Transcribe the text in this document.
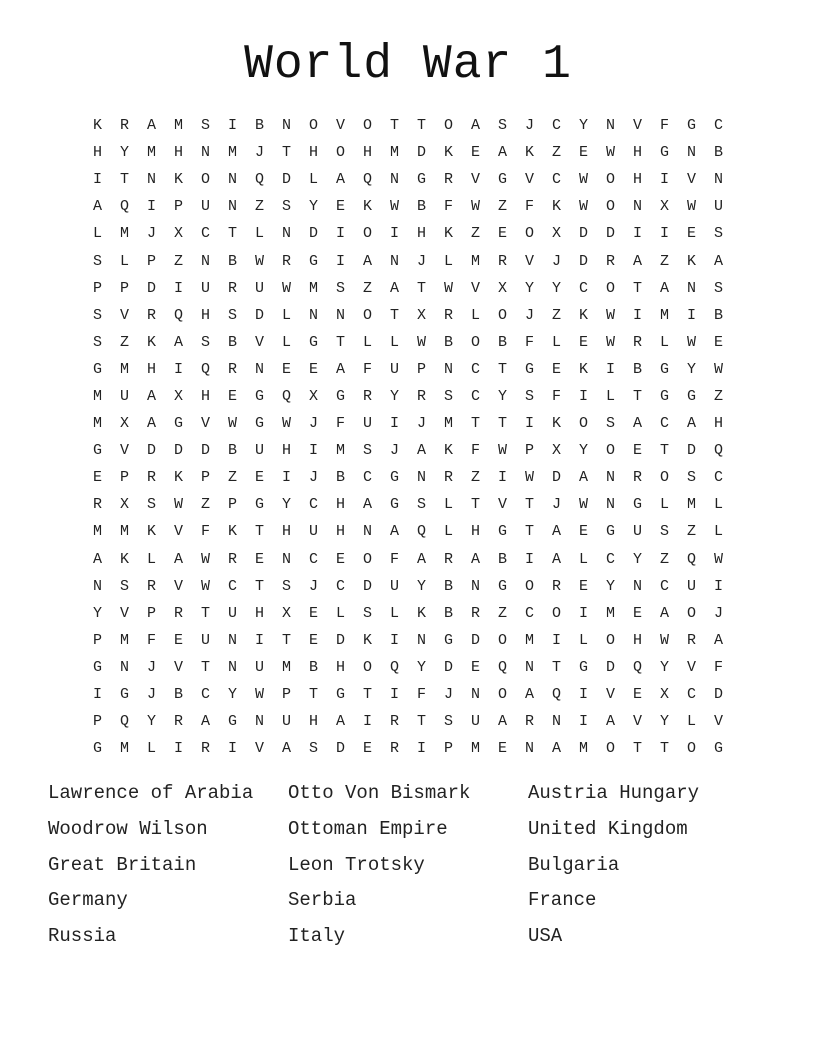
World War 1
K	R	A	M	S	I	B	N	O	V	O	T	T	O	A	S	J	C	Y	N	V	F	G	C
H	Y	M	H	N	M	J	T	H	O	H	M	D	K	E	A	K	Z	E	W	H	G	N	B
I	T	N	K	O	N	Q	D	L	A	Q	N	G	R	V	G	V	C	W	O	H	I	V	N
A	Q	I	P	U	N	Z	S	Y	E	K	W	B	F	W	Z	F	K	W	O	N	X	W	U
L	M	J	X	C	T	L	N	D	I	O	I	H	K	Z	E	O	X	D	D	I	I	E	S
S	L	P	Z	N	B	W	R	G	I	A	N	J	L	M	R	V	J	D	R	A	Z	K	A
P	P	D	I	U	R	U	W	M	S	Z	A	T	W	V	X	Y	Y	C	O	T	A	N	S
S	V	R	Q	H	S	D	L	N	N	O	T	X	R	L	O	J	Z	K	W	I	M	I	B
S	Z	K	A	S	B	V	L	G	T	L	L	W	B	O	B	F	L	E	W	R	L	W	E
G	M	H	I	Q	R	N	E	E	A	F	U	P	N	C	T	G	E	K	I	B	G	Y	W
M	U	A	X	H	E	G	Q	X	G	R	Y	R	S	C	Y	S	F	I	L	T	G	G	Z
M	X	A	G	V	W	G	W	J	F	U	I	J	M	T	T	I	K	O	S	A	C	A	H
G	V	D	D	D	B	U	H	I	M	S	J	A	K	F	W	P	X	Y	O	E	T	D	Q
E	P	R	K	P	Z	E	I	J	B	C	G	N	R	Z	I	W	D	A	N	R	O	S	C
R	X	S	W	Z	P	G	Y	C	H	A	G	S	L	T	V	T	J	W	N	G	L	M	L
M	M	K	V	F	K	T	H	U	H	N	A	Q	L	H	G	T	A	E	G	U	S	Z	L
A	K	L	A	W	R	E	N	C	E	O	F	A	R	A	B	I	A	L	C	Y	Z	Q	W
N	S	R	V	W	C	T	S	J	C	D	U	Y	B	N	G	O	R	E	Y	N	C	U	I
Y	V	P	R	T	U	H	X	E	L	S	L	K	B	R	Z	C	O	I	M	E	A	O	J
P	M	F	E	U	N	I	T	E	D	K	I	N	G	D	O	M	I	L	O	H	W	R	A
G	N	J	V	T	N	U	M	B	H	O	Q	Y	D	E	Q	N	T	G	D	Q	Y	V	F
I	G	J	B	C	Y	W	P	T	G	T	I	F	J	N	O	A	Q	I	V	E	X	C	D
P	Q	Y	R	A	G	N	U	H	A	I	R	T	S	U	A	R	N	I	A	V	Y	L	V
G	M	L	I	R	I	V	A	S	D	E	R	I	P	M	E	N	A	M	O	T	T	O	G
Lawrence of Arabia	Otto Von Bismark	Austria Hungary
Woodrow Wilson	Ottoman Empire	United Kingdom
Great Britain	Leon Trotsky	Bulgaria
Germany	Serbia	France
Russia	Italy	USA
